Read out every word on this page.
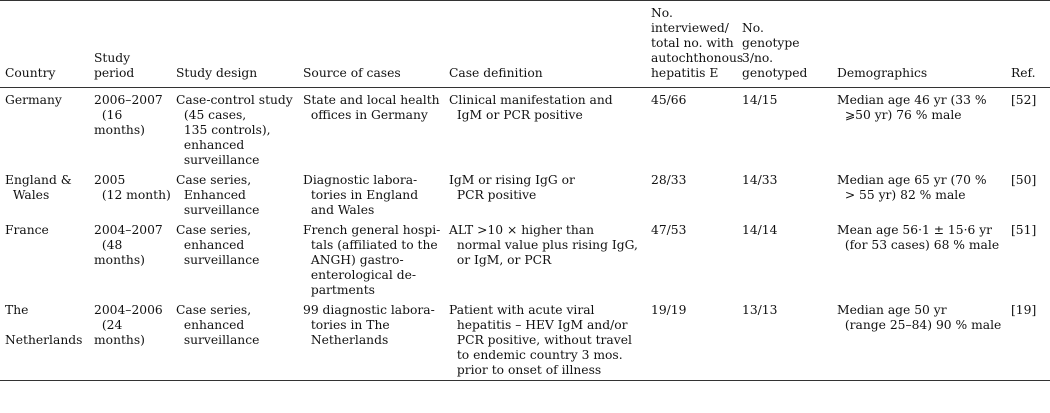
Country	Study period	Study design	Source of cases	Case definition	No. interviewed/
total no. with
autochthonous
hepatitis E	No.
genotype
3/no.
genotyped	Demographics	Ref.

Germany	2006–2007
(16 months)	Case-control study
(45 cases,
135 controls),
enhanced
surveillance	State and local health
offices in Germany	Clinical manifestation and
IgM or PCR positive	45/66	14/15	Median age 46 yr (33 %
⩾50 yr) 76 % male	[52]

England &
Wales	2005
(12 month)	Case series,
Enhanced
surveillance	Diagnostic labora-
tories in England
and Wales	IgM or rising IgG or
PCR positive	28/33	14/33	Median age 65 yr (70 %
> 55 yr) 82 % male	[50]

France	2004–2007
(48 months)	Case series,
enhanced
surveillance	French general hospi-
tals (affiliated to the
ANGH) gastro-
enterological de-
partments	ALT >10 × higher than
normal value plus rising IgG,
or IgM, or PCR	47/53	14/14	Mean age 56·1 ± 15·6 yr
(for 53 cases) 68 % male	[51]

The
Netherlands	2004–2006
(24 months)	Case series,
enhanced
surveillance	99 diagnostic labora-
tories in The
Netherlands	Patient with acute viral
hepatitis – HEV IgM and/or
PCR positive, without travel
to endemic country 3 mos.
prior to onset of illness	19/19	13/13	Median age 50 yr
(range 25–84) 90 % male	[19]
